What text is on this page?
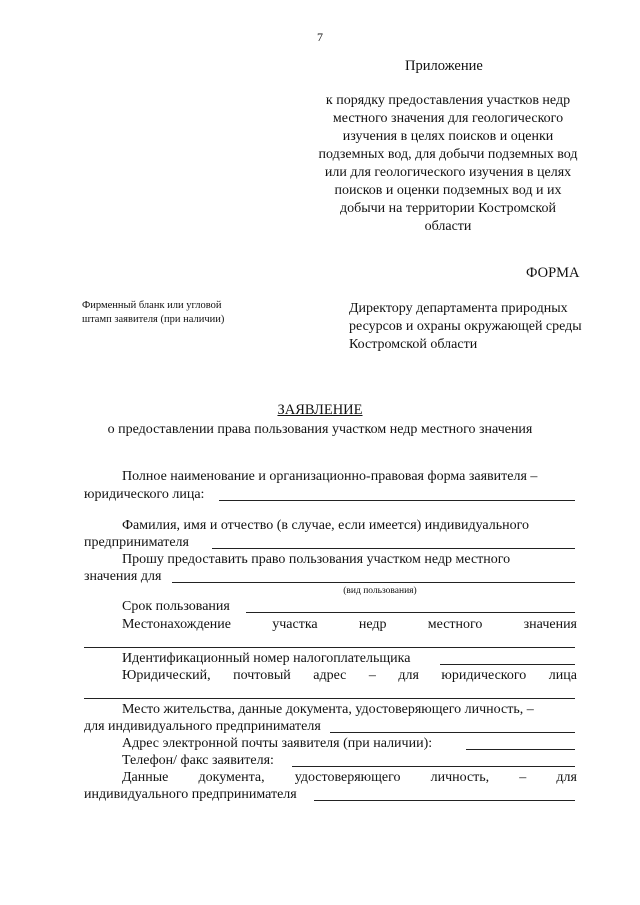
7
Приложение
к порядку предоставления участков недр местного значения для геологического изучения в целях поисков и оценки подземных вод, для добычи подземных вод или для геологического изучения в целях поисков и оценки подземных вод и их добычи на территории Костромской области
ФОРМА
Фирменный бланк или угловой штамп заявителя (при наличии)
Директору департамента природных ресурсов и охраны окружающей среды Костромской области
ЗАЯВЛЕНИЕ
о предоставлении права пользования участком недр местного значения
Полное наименование и организационно-правовая форма заявителя –
юридического лица:
Фамилия, имя и отчество (в случае, если имеется) индивидуального
предпринимателя
Прошу предоставить право пользования участком недр местного
значения для
(вид пользования)
Срок пользования
Местонахождение	участка	недр	местного	значения
Идентификационный номер налогоплательщика
Юридический, почтовый адрес – для юридического лица
Место жительства, данные документа, удостоверяющего личность, –
для индивидуального предпринимателя
Адрес электронной почты заявителя (при наличии):
Телефон/ факс заявителя:
Данные документа, удостоверяющего личность, – для
индивидуального предпринимателя
